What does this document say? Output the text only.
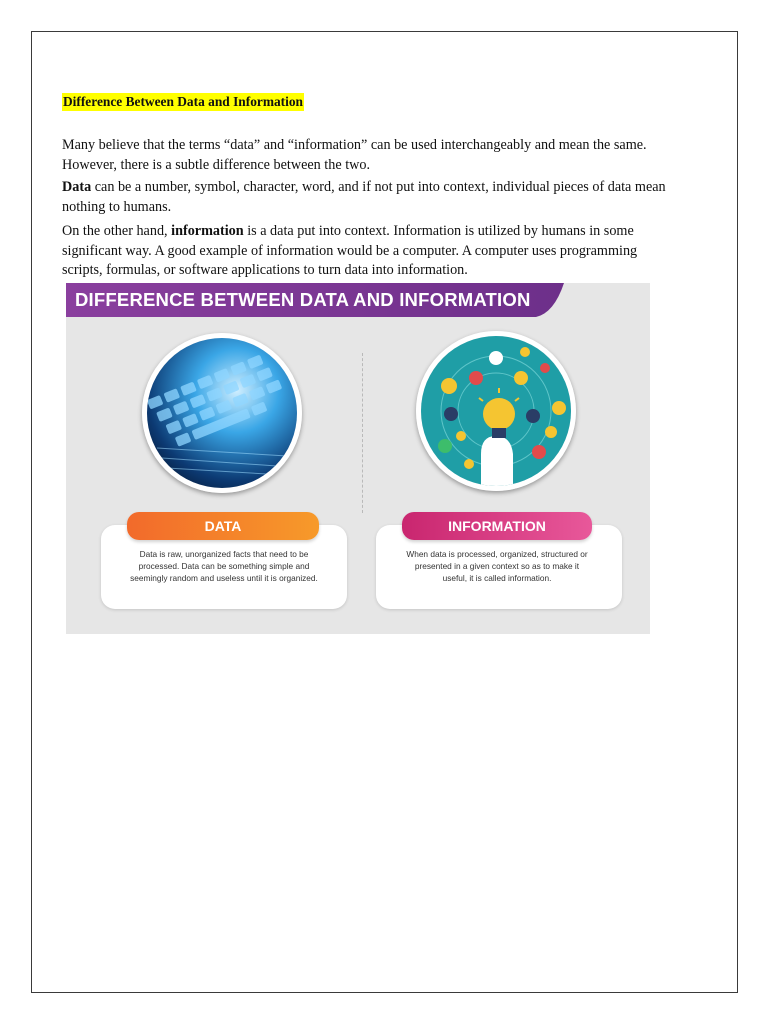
Difference Between Data and Information

Many believe that the terms “data” and “information” can be used interchangeably and mean the same. However, there is a subtle difference between the two.

Data can be a number, symbol, character, word, and if not put into context, individual pieces of data mean nothing to humans.

On the other hand, information is a data put into context. Information is utilized by humans in some significant way. A good example of information would be a computer. A computer uses programming scripts, formulas, or software applications to turn data into information.

DIFFERENCE BETWEEN DATA AND INFORMATION
DATA	INFORMATION
Data is raw, unorganized facts that need to be processed. Data can be something simple and seemingly random and useless until it is organized.
When data is processed, organized, structured or presented in a given context so as to make it useful, it is called information.
